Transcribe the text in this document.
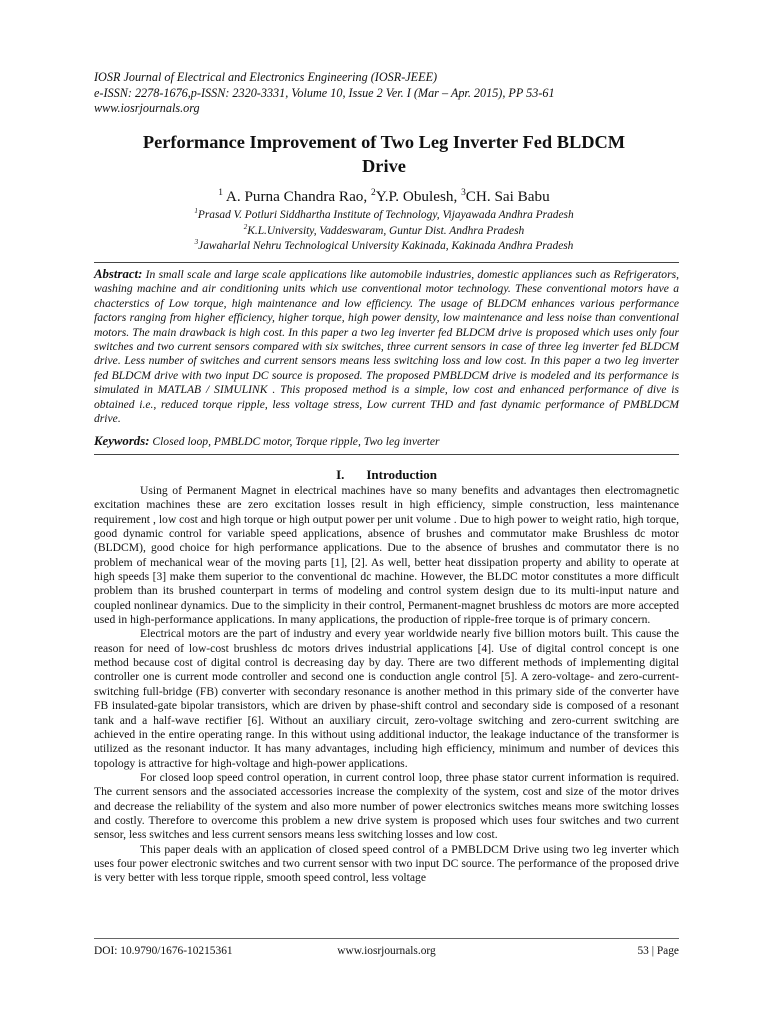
IOSR Journal of Electrical and Electronics Engineering (IOSR-JEEE)
e-ISSN: 2278-1676,p-ISSN: 2320-3331, Volume 10, Issue 2 Ver. I (Mar – Apr. 2015), PP 53-61
www.iosrjournals.org
Performance Improvement of Two Leg Inverter Fed BLDCM
Drive
$^1$ A. Purna Chandra Rao, $^2$Y.P. Obulesh, $^3$CH. Sai Babu
$^1$Prasad V. Potluri Siddhartha Institute of Technology, Vijayawada Andhra Pradesh
$^2$K.L.University, Vaddeswaram, Guntur Dist. Andhra Pradesh
$^3$Jawaharlal Nehru Technological University Kakinada, Kakinada Andhra Pradesh
Abstract: In small scale and large scale applications like automobile industries, domestic appliances such as Refrigerators, washing machine and air conditioning units which use conventional motor technology. These conventional motors have a chacterstics of Low torque, high maintenance and low efficiency. The usage of BLDCM enhances various performance factors ranging from higher efficiency, higher torque, high power density, low maintenance and less noise than conventional motors. The main drawback is high cost. In this paper a two leg inverter fed BLDCM drive is proposed which uses only four switches and two current sensors compared with six switches, three current sensors in case of three leg inverter fed BLDCM drive. Less number of switches and current sensors means less switching loss and low cost. In this paper a two leg inverter fed BLDCM drive with two input DC source is proposed. The proposed PMBLDCM drive is modeled and its performance is simulated in MATLAB / SIMULINK . This proposed method is a simple, low cost and enhanced performance of dive is obtained i.e., reduced torque ripple, less voltage stress, Low current THD and fast dynamic performance of PMBLDCM drive.
Keywords: Closed loop, PMBLDC motor, Torque ripple, Two leg inverter
I. Introduction

Using of Permanent Magnet in electrical machines have so many benefits and advantages then electromagnetic excitation machines these are zero excitation losses result in high efficiency, simple construction, less maintenance requirement , low cost and high torque or high output power per unit volume . Due to high power to weight ratio, high torque, good dynamic control for variable speed applications, absence of brushes and commutator make Brushless dc motor (BLDCM), good choice for high performance applications. Due to the absence of brushes and commutator there is no problem of mechanical wear of the moving parts [1], [2]. As well, better heat dissipation property and ability to operate at high speeds [3] make them superior to the conventional dc machine. However, the BLDC motor constitutes a more difficult problem than its brushed counterpart in terms of modeling and control system design due to its multi-input nature and coupled nonlinear dynamics. Due to the simplicity in their control, Permanent-magnet brushless dc motors are more accepted used in high-performance applications. In many applications, the production of ripple-free torque is of primary concern.

Electrical motors are the part of industry and every year worldwide nearly five billion motors built. This cause the reason for need of low-cost brushless dc motors drives industrial applications [4]. Use of digital control concept is one method because cost of digital control is decreasing day by day. There are two different methods of implementing digital controller one is current mode controller and second one is conduction angle control [5]. A zero-voltage- and zero-current-switching full-bridge (FB) converter with secondary resonance is another method in this primary side of the converter have FB insulated-gate bipolar transistors, which are driven by phase-shift control and secondary side is composed of a resonant tank and a half-wave rectifier [6]. Without an auxiliary circuit, zero-voltage switching and zero-current switching are achieved in the entire operating range. In this without using additional inductor, the leakage inductance of the transformer is utilized as the resonant inductor. It has many advantages, including high efficiency, minimum and number of devices this topology is attractive for high-voltage and high-power applications.

For closed loop speed control operation, in current control loop, three phase stator current information is required. The current sensors and the associated accessories increase the complexity of the system, cost and size of the motor drives and decrease the reliability of the system and also more number of power electronics switches means more switching losses and costly. Therefore to overcome this problem a new drive system is proposed which uses four switches and two current sensor, less switches and less current sensors means less switching losses and low cost.

This paper deals with an application of closed speed control of a PMBLDCM Drive using two leg inverter which uses four power electronic switches and two current sensor with two input DC source. The performance of the proposed drive is very better with less torque ripple, smooth speed control, less voltage

DOI: 10.9790/1676-10215361	www.iosrjournals.org	53 | Page
